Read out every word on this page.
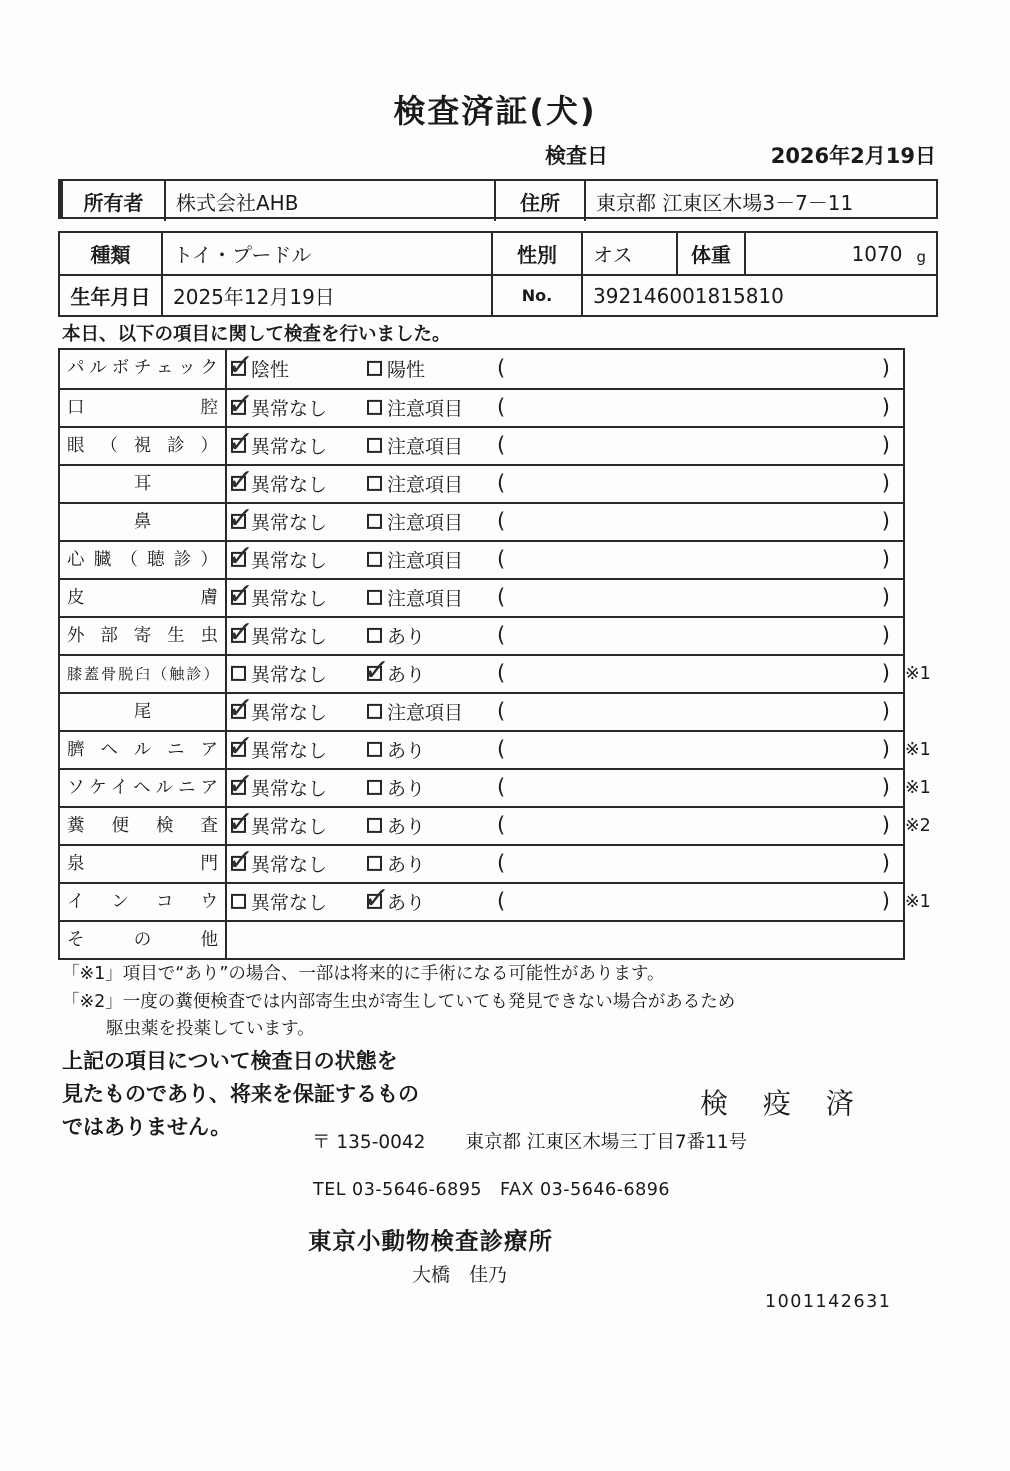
検査済証(犬)
検査日	2026年2月19日
所有者	株式会社AHB	住所	東京都 江東区木場3－7－11
種類	トイ・プードル	性別	オス	体重	1070 g
生年月日	2025年12月19日	No.	392146001815810
本日、以下の項目に関して検査を行いました。
パルボチェック ✓	陰性	陽性	(	)
口腔 ✓	異常なし	注意項目 (	)
眼（視診） ✓	異常なし	注意項目 (	)
耳 ✓	異常なし	注意項目 (	)
鼻 ✓	異常なし	注意項目 (	)
心臓（聴診） ✓	異常なし	注意項目 (	)
皮膚 ✓	異常なし	注意項目 (	)
外部寄生虫 ✓	異常なし	あり	(	)
膝蓋骨脱臼（触診）	異常なし ✓	あり	(	) ※1
尾 ✓	異常なし	注意項目 (	)
臍ヘルニア ✓	異常なし	あり	(	) ※1
ソケイヘルニア ✓	異常なし	あり	(	) ※1
糞便検査 ✓	異常なし	あり	(	) ※2
泉門 ✓	異常なし	あり	(	)
インコウ	異常なし ✓	あり	(	) ※1
その他
「※1」項目で“あり”の場合、一部は将来的に手術になる可能性があります。
「※2」一度の糞便検査では内部寄生虫が寄生していても発見できない場合があるため
駆虫薬を投薬しています。
上記の項目について検査日の状態を
見たものであり、将来を保証するもの
ではありません。
検 疫 済
〒 135-0042 東京都 江東区木場三丁目7番11号
TEL 03-5646-6895　FAX 03-5646-6896
東京小動物検査診療所
大橋　佳乃
1001142631
